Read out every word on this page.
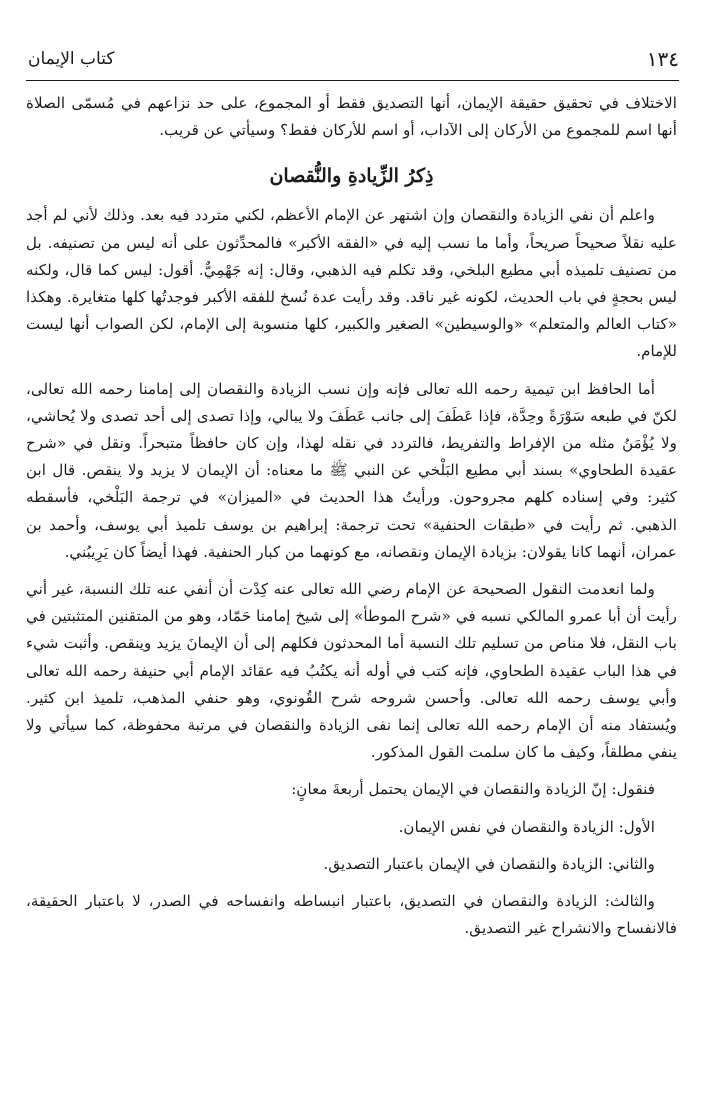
١٣٤
كتاب الإيمان

الاختلاف في تحقيق حقيقة الإيمان، أنها التصديق فقط أو المجموع، على حد نزاعهم في مُسمّى الصلاة أنها اسم للمجموع من الأركان إلى الآداب، أو اسم للأركان فقط؟ وسيأتي عن قريب.

ذِكرُ الزِّيادةِ والنُّقصان

واعلم أن نفي الزيادة والنقصان وإن اشتهر عن الإمام الأعظم، لكني متردد فيه بعد. وذلك لأني لم أجد عليه نقلاً صحيحاً صريحاً، وأما ما نسب إليه في «الفقه الأكبر» فالمحدِّثون على أنه ليس من تصنيفه. بل من تصنيف تلميذه أبي مطيع البلخي، وقد تكلم فيه الذهبي، وقال: إنه جَهْمِيٌّ. أقول: ليس كما قال، ولكنه ليس بحجةٍ في باب الحديث، لكونه غير ناقد. وقد رأيت عدة نُسخ للفقه الأكبر فوجدتُها كلها متغايرة. وهكذا «كتاب العالم والمتعلم» «والوسيطين» الصغير والكبير، كلها منسوبة إلى الإمام، لكن الصواب أنها ليست للإمام.

أما الحافظ ابن تيمية رحمه الله تعالى فإنه وإن نسب الزيادة والنقصان إلى إمامنا رحمه الله تعالى، لكنّ في طبعه سَوْرَةً وحِدَّة، فإذا عَطَفَ إلى جانب عَطَفَ ولا يبالي، وإذا تصدى إلى أحد تصدى ولا يُحاشي، ولا يُؤْمَنُ مثله من الإفراط والتفريط، فالتردد في نقله لهذا، وإن كان حافظاً متبحراً. ونقل في «شرح عقيدة الطحاوي» بسند أبي مطيع البَلْخي عن النبي ﷺ ما معناه: أن الإيمان لا يزيد ولا ينقص. قال ابن كثير: وفي إسناده كلهم مجروحون. ورأيتُ هذا الحديث في «الميزان» في ترجمة البَلْخي، فأسقطه الذهبي. ثم رأيت في «طبقات الحنفية» تحت ترجمة: إبراهيم بن يوسف تلميذ أبي يوسف، وأحمد بن عمران، أنهما كانا يقولان: بزيادة الإيمان ونقصانه، مع كونهما من كبار الحنفية. فهذا أيضاً كان يَرِيبُني.

ولما انعدمت النقول الصحيحة عن الإمام رضي الله تعالى عنه كِدْت أن أنفي عنه تلك النسبة، غير أني رأيت أن أبا عمرو المالكي نسبه في «شرح الموطأ» إلى شيخ إمامنا حَمّاد، وهو من المتقنين المتثبتين في باب النقل، فلا مناص من تسليم تلك النسبة أما المحدثون فكلهم إلى أن الإيمانَ يزيد وينقص. وأثبت شيء في هذا الباب عقيدة الطحاوي، فإنه كتب في أوله أنه يكتُبُ فيه عقائد الإمام أبي حنيفة رحمه الله تعالى وأبي يوسف رحمه الله تعالى. وأحسن شروحه شرح القُونوي، وهو حنفي المذهب، تلميذ ابن كثير. ويُستفاد منه أن الإمام رحمه الله تعالى إنما نفى الزيادة والنقصان في مرتبة محفوظة، كما سيأتي ولا ينفي مطلقاً، وكيف ما كان سلمت القول المذكور.

فنقول: إنّ الزيادة والنقصان في الإيمان يحتمل أربعةَ معانٍ:

الأول: الزيادة والنقصان في نفس الإيمان.

والثاني: الزيادة والنقصان في الإيمان باعتبار التصديق.

والثالث: الزيادة والنقصان في التصديق، باعتبار انبساطه وانفساحه في الصدر، لا باعتبار الحقيقة، فالانفساح والانشراح غير التصديق.
